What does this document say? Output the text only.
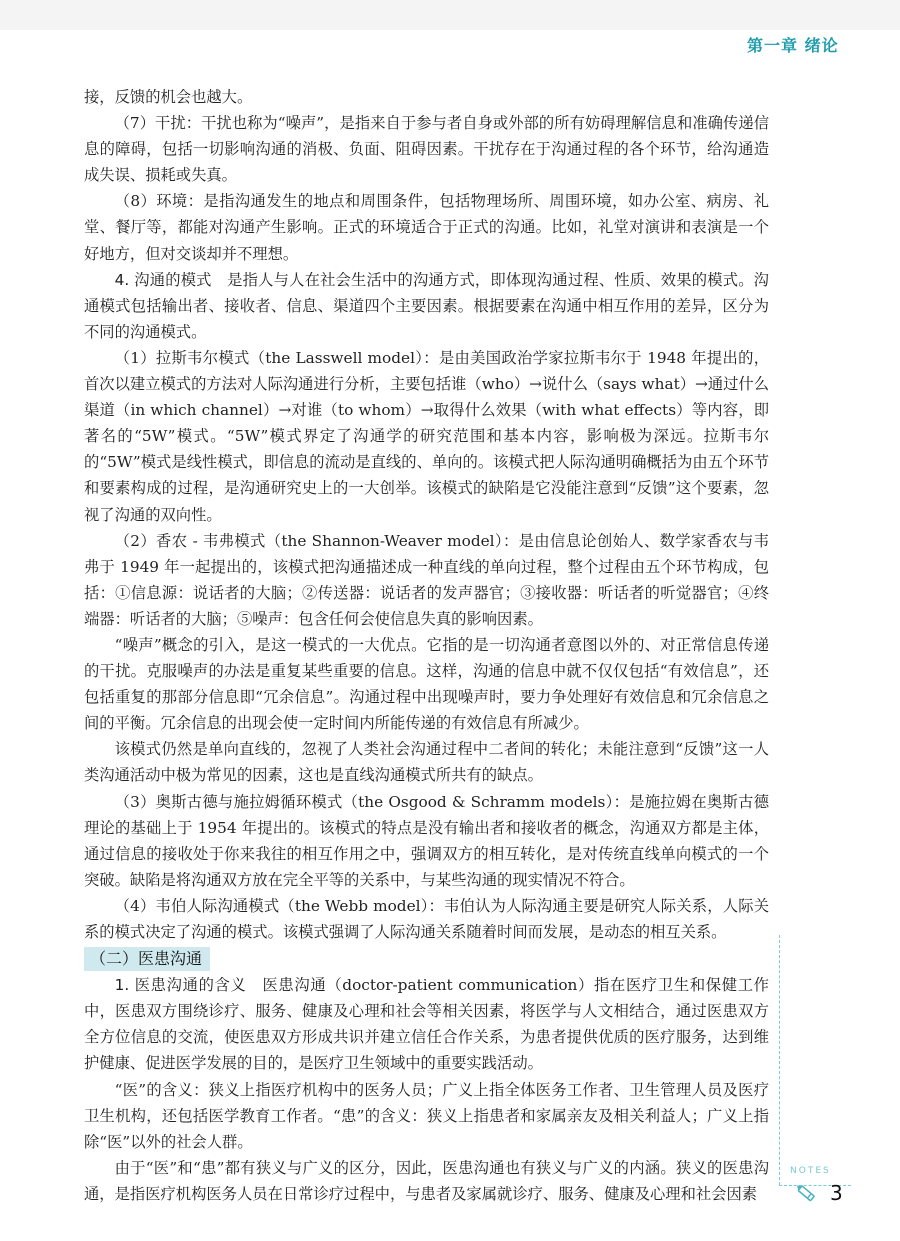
第一章 绪论

接，反馈的机会也越大。

（7）干扰：干扰也称为“噪声”，是指来自于参与者自身或外部的所有妨碍理解信息和准确传递信息的障碍，包括一切影响沟通的消极、负面、阻碍因素。干扰存在于沟通过程的各个环节，给沟通造成失误、损耗或失真。

（8）环境：是指沟通发生的地点和周围条件，包括物理场所、周围环境，如办公室、病房、礼堂、餐厅等，都能对沟通产生影响。正式的环境适合于正式的沟通。比如，礼堂对演讲和表演是一个好地方，但对交谈却并不理想。

4. 沟通的模式  是指人与人在社会生活中的沟通方式，即体现沟通过程、性质、效果的模式。沟通模式包括输出者、接收者、信息、渠道四个主要因素。根据要素在沟通中相互作用的差异，区分为不同的沟通模式。

（1）拉斯韦尔模式（the Lasswell model）：是由美国政治学家拉斯韦尔于 1948 年提出的，首次以建立模式的方法对人际沟通进行分析，主要包括谁（who）→说什么（says what）→通过什么渠道（in which channel）→对谁（to whom）→取得什么效果（with what effects）等内容，即著名的“5W”模式。“5W”模式界定了沟通学的研究范围和基本内容，影响极为深远。拉斯韦尔的“5W”模式是线性模式，即信息的流动是直线的、单向的。该模式把人际沟通明确概括为由五个环节和要素构成的过程，是沟通研究史上的一大创举。该模式的缺陷是它没能注意到“反馈”这个要素，忽视了沟通的双向性。

（2）香农 - 韦弗模式（the Shannon-Weaver model）：是由信息论创始人、数学家香农与韦弗于 1949 年一起提出的，该模式把沟通描述成一种直线的单向过程，整个过程由五个环节构成，包括：①信息源：说话者的大脑；②传送器：说话者的发声器官；③接收器：听话者的听觉器官；④终端器：听话者的大脑；⑤噪声：包含任何会使信息失真的影响因素。

“噪声”概念的引入，是这一模式的一大优点。它指的是一切沟通者意图以外的、对正常信息传递的干扰。克服噪声的办法是重复某些重要的信息。这样，沟通的信息中就不仅仅包括“有效信息”，还包括重复的那部分信息即“冗余信息”。沟通过程中出现噪声时，要力争处理好有效信息和冗余信息之间的平衡。冗余信息的出现会使一定时间内所能传递的有效信息有所减少。

该模式仍然是单向直线的，忽视了人类社会沟通过程中二者间的转化；未能注意到“反馈”这一人类沟通活动中极为常见的因素，这也是直线沟通模式所共有的缺点。

（3）奥斯古德与施拉姆循环模式（the Osgood & Schramm models）：是施拉姆在奥斯古德理论的基础上于 1954 年提出的。该模式的特点是没有输出者和接收者的概念，沟通双方都是主体，通过信息的接收处于你来我往的相互作用之中，强调双方的相互转化，是对传统直线单向模式的一个突破。缺陷是将沟通双方放在完全平等的关系中，与某些沟通的现实情况不符合。

（4）韦伯人际沟通模式（the Webb model）：韦伯认为人际沟通主要是研究人际关系，人际关系的模式决定了沟通的模式。该模式强调了人际沟通关系随着时间而发展，是动态的相互关系。

（二）医患沟通

1. 医患沟通的含义  医患沟通（doctor-patient communication）指在医疗卫生和保健工作中，医患双方围绕诊疗、服务、健康及心理和社会等相关因素，将医学与人文相结合，通过医患双方全方位信息的交流，使医患双方形成共识并建立信任合作关系，为患者提供优质的医疗服务，达到维护健康、促进医学发展的目的，是医疗卫生领域中的重要实践活动。

“医”的含义：狭义上指医疗机构中的医务人员；广义上指全体医务工作者、卫生管理人员及医疗卫生机构，还包括医学教育工作者。“患”的含义：狭义上指患者和家属亲友及相关利益人；广义上指除“医”以外的社会人群。

由于“医”和“患”都有狭义与广义的区分，因此，医患沟通也有狭义与广义的内涵。狭义的医患沟通，是指医疗机构医务人员在日常诊疗过程中，与患者及家属就诊疗、服务、健康及心理和社会因素

NOTES
3
